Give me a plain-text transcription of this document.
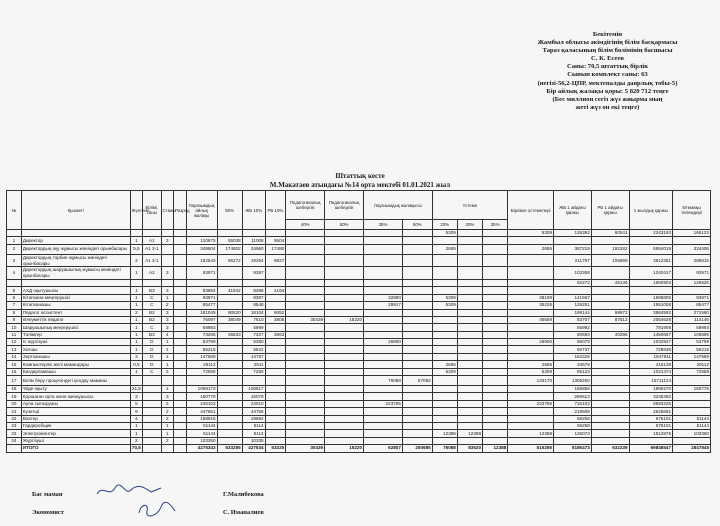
Бекітемін
Жамбыл облысы әкімдігінің білім басқармасы
Тараз қаласының білім бөлімінің басшысы
С. К. Есеев
Саны: 70,5 штаттық бірлік
Сынып комплект саны: 63
(негізі-56,2-ЦПР, мектепалды даярлық тобы-5)
Бір айлық жалақы қоры: 5 820 712 теңге
(Бес миллион сегіз жүз жиырма мың
жеті жүз он екі теңге)
Штаттық кесте
М.Макатаев атындағы №14 орта мектебі 01.01.2021 жыл
№	Қызметі	Жүктеме	Білімі, саны	Стажы	Разряд	Лауазымдық айлық жалақы	50%	ЖБ 10%	РБ 10%	Педагогикалық шеберлік	Педагогикалық шеберлік	Лауазымдық жалақысы		Үстеме			Бірлікке үстемелері	ЖБ 1 айдағы қаржы	РБ 1 айдағы қаржы	1 жылдық қаржы	Өтемақы төлемдері
										40%	50%	35%	50%	20%	30%	35%					
														5309			5309	126392	60541	2243193	165123
1	Директор	1	А1	3		110675	55038	11008	5504												
2	Директордың оқу жұмысы жөніндегі орынбасары	5,5	А1 3-1			349604	174802	34960	17480					2655			2655	387219	192282	6954019	324406
3	Директордың тәрбие жұмысы жөніндегі орынбасары	2	А1 3-1			192543	96272	19254	9627									211797	105899	3812351	288815
4	Директордың шаруашылық жұмысы жөніндегі орынбасары	1	А2	3		93971		9397										103368		1240417	93971
																		92272	46136	1660903	125826
5	АХД оқытушысы	1	В3	3		83884	41942	8388	4194												
6	Кітапхана меңгерушісі	1	С	1		93971		9397				32890		5309			38199	141567		1698805	93971
7	Кітапханашы	1	С	2		85477		8548				29917		5309			35226	129251		1551008	85477
8	Педагог ассистент	2	В2	3		181049	90520	18104	9052									199144	99572	3584592	271560
9	Әлеуметтік педагог	1	В2	3		76097	38049	7610	3805	30439	15220						45659	83707	87512	2054629	114146
10	Шаруашылық меңгерушісі	1	С	3		59993		5999										65992		791908	59993
11	Тәлімгер	1	В3	4		73266	36633	7327	3663									80593	40296	1450667	109899
12	Іс жүргізуші	1	D	1		53799		5380				26900					26900	86079		1032947	53799
13	Хатшы	1	D	1		55215		5522										60737		728838	55215
14	Зертханашы	3	D	1		147569		14757										162326		1947911	147569
15	Компьютерлік желі мамандары	0,5	D	1		29112		2911						2655			2655	34678		416138	29112
16	Бағдарламашы	1	С	2		72558		7256						5309			5309	85123		1021474	72558
17	Білім беру процесіндегі қолдау маманы											76088	57082				133170	1309260		15711124	
18	Үйде оқыту	21,5		1		1069173		106917										165856		1990270	150778
19	Қоршаған орта және жинаушысы	3		3		150778		15078										269613		3235360	
20	Аула сыпырушы	5		2		245103		24510				223785					223785	716102		8593225	
21	Күзетші	9		2		447561		44756										218808		2625691	
22	Вахтер	4		2		198916		19892										56258		675101	51144
23	Гардеробщик	1		1		51144		5114										56258		675101	51144
23	Электромонтер	1		1		51144		5114						12388	12388		12388	126073		1512876	103350
24	Жүргізуші	2		2		103350		10335													
	ИТОГО	70,5				4275343	533255	427534	53325	30439	15220	62807	250685	76088	83620	12388	515255	5185473	632239	69848547	2847845
Бас маман	Г.Малибекова
Экономист	С. Иманалиев
